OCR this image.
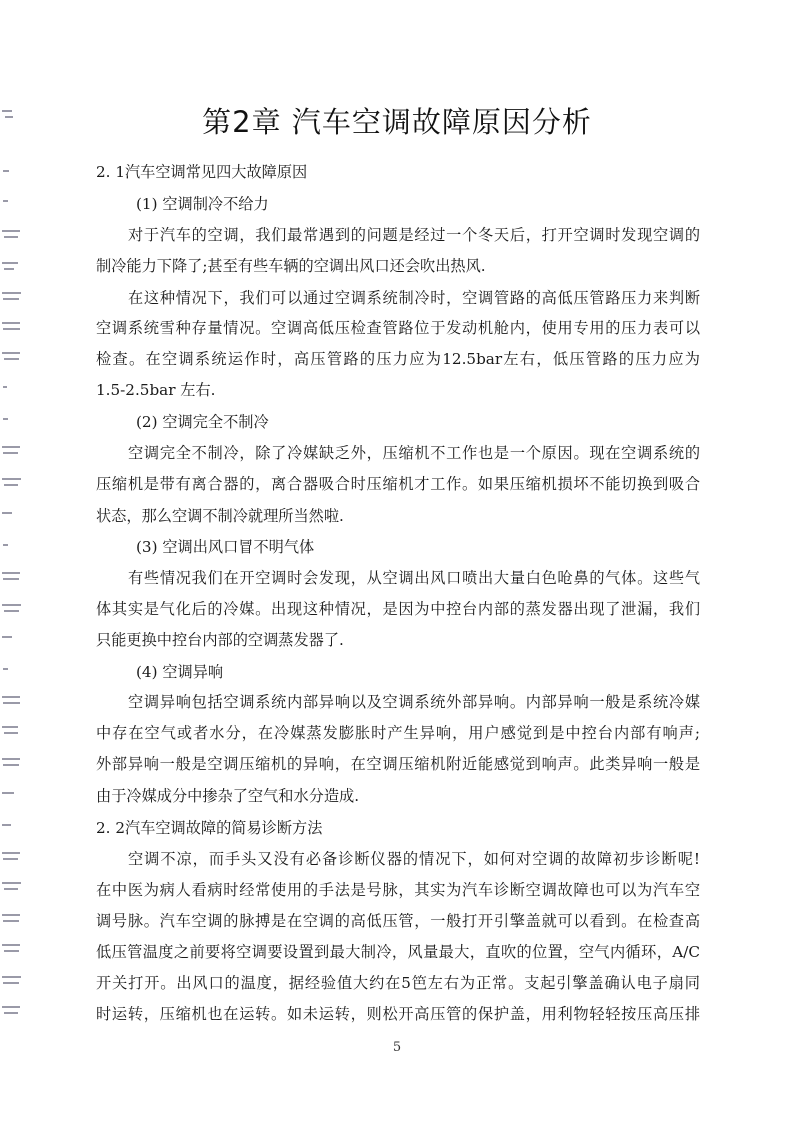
第2章 汽车空调故障原因分析
2. 1汽车空调常见四大故障原因
(1) 空调制冷不给力
对于汽车的空调，我们最常遇到的问题是经过一个冬天后，打开空调时发现空调的
制冷能力下降了;甚至有些车辆的空调出风口还会吹出热风.
在这种情况下，我们可以通过空调系统制冷时，空调管路的高低压管路压力来判断
空调系统雪种存量情况。空调高低压检查管路位于发动机舱内，使用专用的压力表可以
检查。在空调系统运作时，高压管路的压力应为12.5bar左右，低压管路的压力应为
1.5-2.5bar 左右.
(2) 空调完全不制冷
空调完全不制冷，除了冷媒缺乏外，压缩机不工作也是一个原因。现在空调系统的
压缩机是带有离合器的，离合器吸合时压缩机才工作。如果压缩机损坏不能切换到吸合
状态，那么空调不制冷就理所当然啦.
(3) 空调出风口冒不明气体
有些情况我们在开空调时会发现，从空调出风口喷出大量白色呛鼻的气体。这些气
体其实是气化后的冷媒。出现这种情况，是因为中控台内部的蒸发器出现了泄漏，我们
只能更换中控台内部的空调蒸发器了.
(4) 空调异响
空调异响包括空调系统内部异响以及空调系统外部异响。内部异响一般是系统冷媒
中存在空气或者水分，在冷媒蒸发膨胀时产生异响，用户感觉到是中控台内部有响声;
外部异响一般是空调压缩机的异响，在空调压缩机附近能感觉到响声。此类异响一般是
由于冷媒成分中掺杂了空气和水分造成.
2. 2汽车空调故障的简易诊断方法
空调不凉，而手头又没有必备诊断仪器的情况下，如何对空调的故障初步诊断呢!
在中医为病人看病时经常使用的手法是号脉，其实为汽车诊断空调故障也可以为汽车空
调号脉。汽车空调的脉搏是在空调的高低压管，一般打开引擎盖就可以看到。在检查高
低压管温度之前要将空调要设置到最大制冷，风量最大，直吹的位置，空气内循环，A/C
开关打开。出风口的温度，据经验值大约在5笆左右为正常。支起引擎盖确认电子扇同
时运转，压缩机也在运转。如未运转，则松开高压管的保护盖，用利物轻轻按压高压排
5
